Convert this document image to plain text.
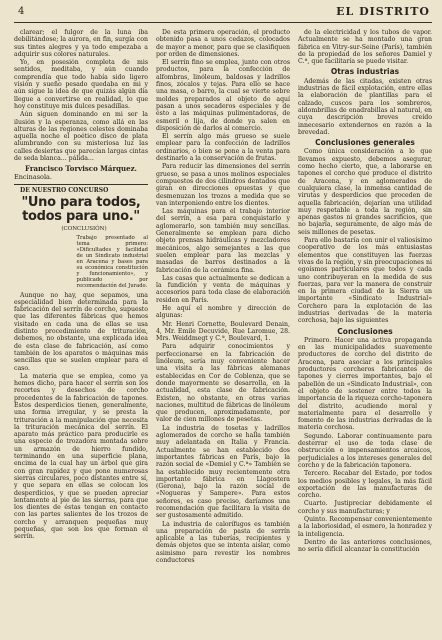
4	EL DISTRITO

clarear; el fulgor de la luna iba debilitándose; la aurora, en fin, surgía con sus tintes alegres y ya todo empezaba a adquirir sus colores naturales.

Yo, en posesión completa de mis sentidos, meditaba, y aún cuando comprendía que todo había sido ligero visión y sueño pesado quedaba en mi y aún sigue la idea de que quizás algún día llegue a convertirse en realidad, lo que hoy constituye mis dulces pesadillas.

Aún siguen dominando en mi ser la ilusión y la esperanza, como allá en las alturas de las regiones celestes dominaba aquella noche el poético disco de plata alumbrando con su misteriosa luz las calles desiertas que parecían largas cintas de seda blanca... pálida...

Francisco Torvisco Márquez.

Encinasola.

DE NUESTRO CONCURSO

"Uno para todos, todos para uno."

(CONCLUSIÓN)

Trabajo presentado al tema primero: «Dificultades y facilidad de un Sindicato industrial en Aracena y bases para su económica constitución y funcionamiento», y publicado por recomendación del Jurado.

Aunque no hay, que sepamos, una especialidad bien determinada para la fabricación del serrín de corcho, supuesto que las diferentes fábricas que hemos visitado en cada una de ellas se usa distinto procedimiento de trituración, debemos, no obstante, una explicada idea de esta clase de fabricación, así como también de los aparatos o máquinas más sencillas que se suelen emplear para el caso.

La materia que se emplea, como ya hemos dicho, para hacer el serrín son los recortes y desechos de corcho procedentes de la fabricación de tapones. Estos desperdicios tienen, generalmente, una forma irregular, y se presta la trituración a la manipulación que necesita la trituración mecánica del serrín. El aparato más práctico para producirle es una especie de trozadora montada sobre un armazón de hierro fundido, terminando en una superficie plana, encima de la cual hay un árbol que gira con gran rapidez y que pone numerosas sierras circulares, poco distantes entre sí, y que separa en ellas se colocan los desperdicios, y que se pueden apreciar lentamente al pie de las sierras, para que los dientes de éstas tengan en contacto con las partes salientes de los trozos de corcho y arranquen pequeñas muy pequeñas, que son los que forman el serrín.

De esta primera operación, el producto obtenido pasa a unos cedazos, colocados de mayor a menor, para que se clasifiquen por orden de dimensiones.

El serrín fino se emplea, junto con otros productos, para la confección de alfombras, linóleum, baldosas y ladrillos finos, zócalos y tejas. Para ello se hace una masa, o barro, la cual se vierte sobre moldes preparados al objeto de aquí pasan a unos secaderos especiales y de ésto a las máquinas pulimentadoras, de esmeril o lija, de donde ya salen en disposición de darlos al comercio.

El serrín algo más grueso se suele emplear para la confección de ladrillos ordinarios, o bien se pone a la venta para destinarlo a la conservación de frutas.

Para reducir las dimensiones del serrín grueso, se pasa a unos molinos especiales compuestos de dos cilindros dentados que giran en direcciones opuestas y que desmenuzan los trozos a medida que se van interponiendo entre los dientes.

Las máquinas para el trabajo interior del serrín, a esa para conquistarlo y aglomerarlo, son también muy sencillas. Generalmente se emplean para dicho objeto prensas hidráulicas y mezcladores mecánicos, algo semejantes a las que suelen emplear para las mezclas y masadas de barros destinados a la fabricación de la cerámica fina.

Las casas que actualmente se dedican a la fundición y venta de máquinas y accesorios para toda clase de elaboración residen en París.

He aquí el nombre y dirección de algunas:

Mr. Henri Cornette, Boulevard Denain, 4, Mr. Emile Decuvide, Rue Laromue, 28. Mrs. Weiddmegt y C.ª, Boulevard, 1.

Para adquirir conocimientos y perfeccionarse en la fabricación de linóleum, sería muy conveniente hacer una visita a las fábricas alemanas establecidas en Cor de Coblenza, que se donde mayormente se desarrolla, en la actualidad, esta clase de fabricación. Existen, no obstante, en otras varias naciones, multitud de fábricas de linóleum que producen, aproximadamente, por valor de cien millones de pesetas.

La industria de tosetas y ladrillos aglomerados de corcho se halla también muy adelantada en Italia y Francia. Actualmente se han establecido dos importantes fábricas en París, bajo la razón social de «Demiel y C.ª» También se ha establecido muy recientemente otra importante fábrica en Llagostera (Gerona), bajo la razón social de «Nogueras y Sampere». Para estos señores, es caso preciso, daríamos una recomendación que facilitara la visita de ser gustosamente admitido.

La industria de calorífugos es también una preparación de pasta de serrín aplicable a las tuberías, recipientes y demás objetos que se intenta aislar, como asimismo para revestir los nombres conductores

de la electricidad y los tubos de vapor. Actualmente se ha montado una gran fábrica en Vitry-sur-Seine (París), también de la propiedad de los señores Damiel y C.ª, que facilitaría se puede visitar.

Otras industrias

Además de las citadas, existen otras industrias de fácil explotación, entre ellas la elaboración de plantillas para el calzado, cuscos para los sombreros, aldombrillas de enadrabillas al natural, en cuya descripción breves creído innecesario extendernos en razón a la brevedad.

Conclusiones generales

Como única consideración a lo que llevamos expuesto, debemos asegurar, como hecho cierto, que, a laborarse en tapones el corcho que produce el distrito de Aracena, y en aglomerados de cualquiera clase, la inmensa cantidad de virutas y desperdicios que proceden de aquella fabricación, dejarían una utilidad muy respetable a toda la región, sin apenas gastos ni grandes sacrificios, que no bajaría, seguramente, de algo más de seis millones de pesetas.

Para ello bastaría con unir el valiosísimo cooperativo de los más entusiastas elementos que constituyen las fuerzas vivas de la región, y sin preocupaciones ni egoísmos particulares que todos y cada uno contribuyeran en la medida de sus fuerzas, para ver la manera de construir en la primera ciudad de la Sierra un importante «Sindicato Industrial» Corchero para la explotación de las industrias derivadas de la materia corchosa, bajo las siguientes

Conclusiones

Primero. Hacer una activa propaganda en las municipalidades suavemente productores de corcho del distrito de Aracena, para asociar a los principales productores corcheros fabricantes de tapones y cierres importantes, bajo el pabellón de un «Sindicato Industrial», con el objeto de sostener entre todos la importancia de la riqueza corcho-taponera del distrito, acudiendo moral y materialmente para el desarrollo y fomento de las industrias derivadas de la materia corchosa.

Segundo. Laborar continuamente para desterrar el uso de toda clase de obstrucción o impensamientos arcaicos, perjudiciales a los intereses generales del corcho y de la fabricación taponera.

Tercero. Recabar del Estado, por todos los medios posibles y legales, la más fácil exportación de las manufacturas de corcho.

Cuarto. Justipreciar debidamente el corcho y sus manufacturas; y

Quinto. Recompensar convenientemente a la laboriosidad, el esmero, la honradez y la inteligencia.

Dentro de las anteriores conclusiones, no sería difícil alcanzar la constitución
